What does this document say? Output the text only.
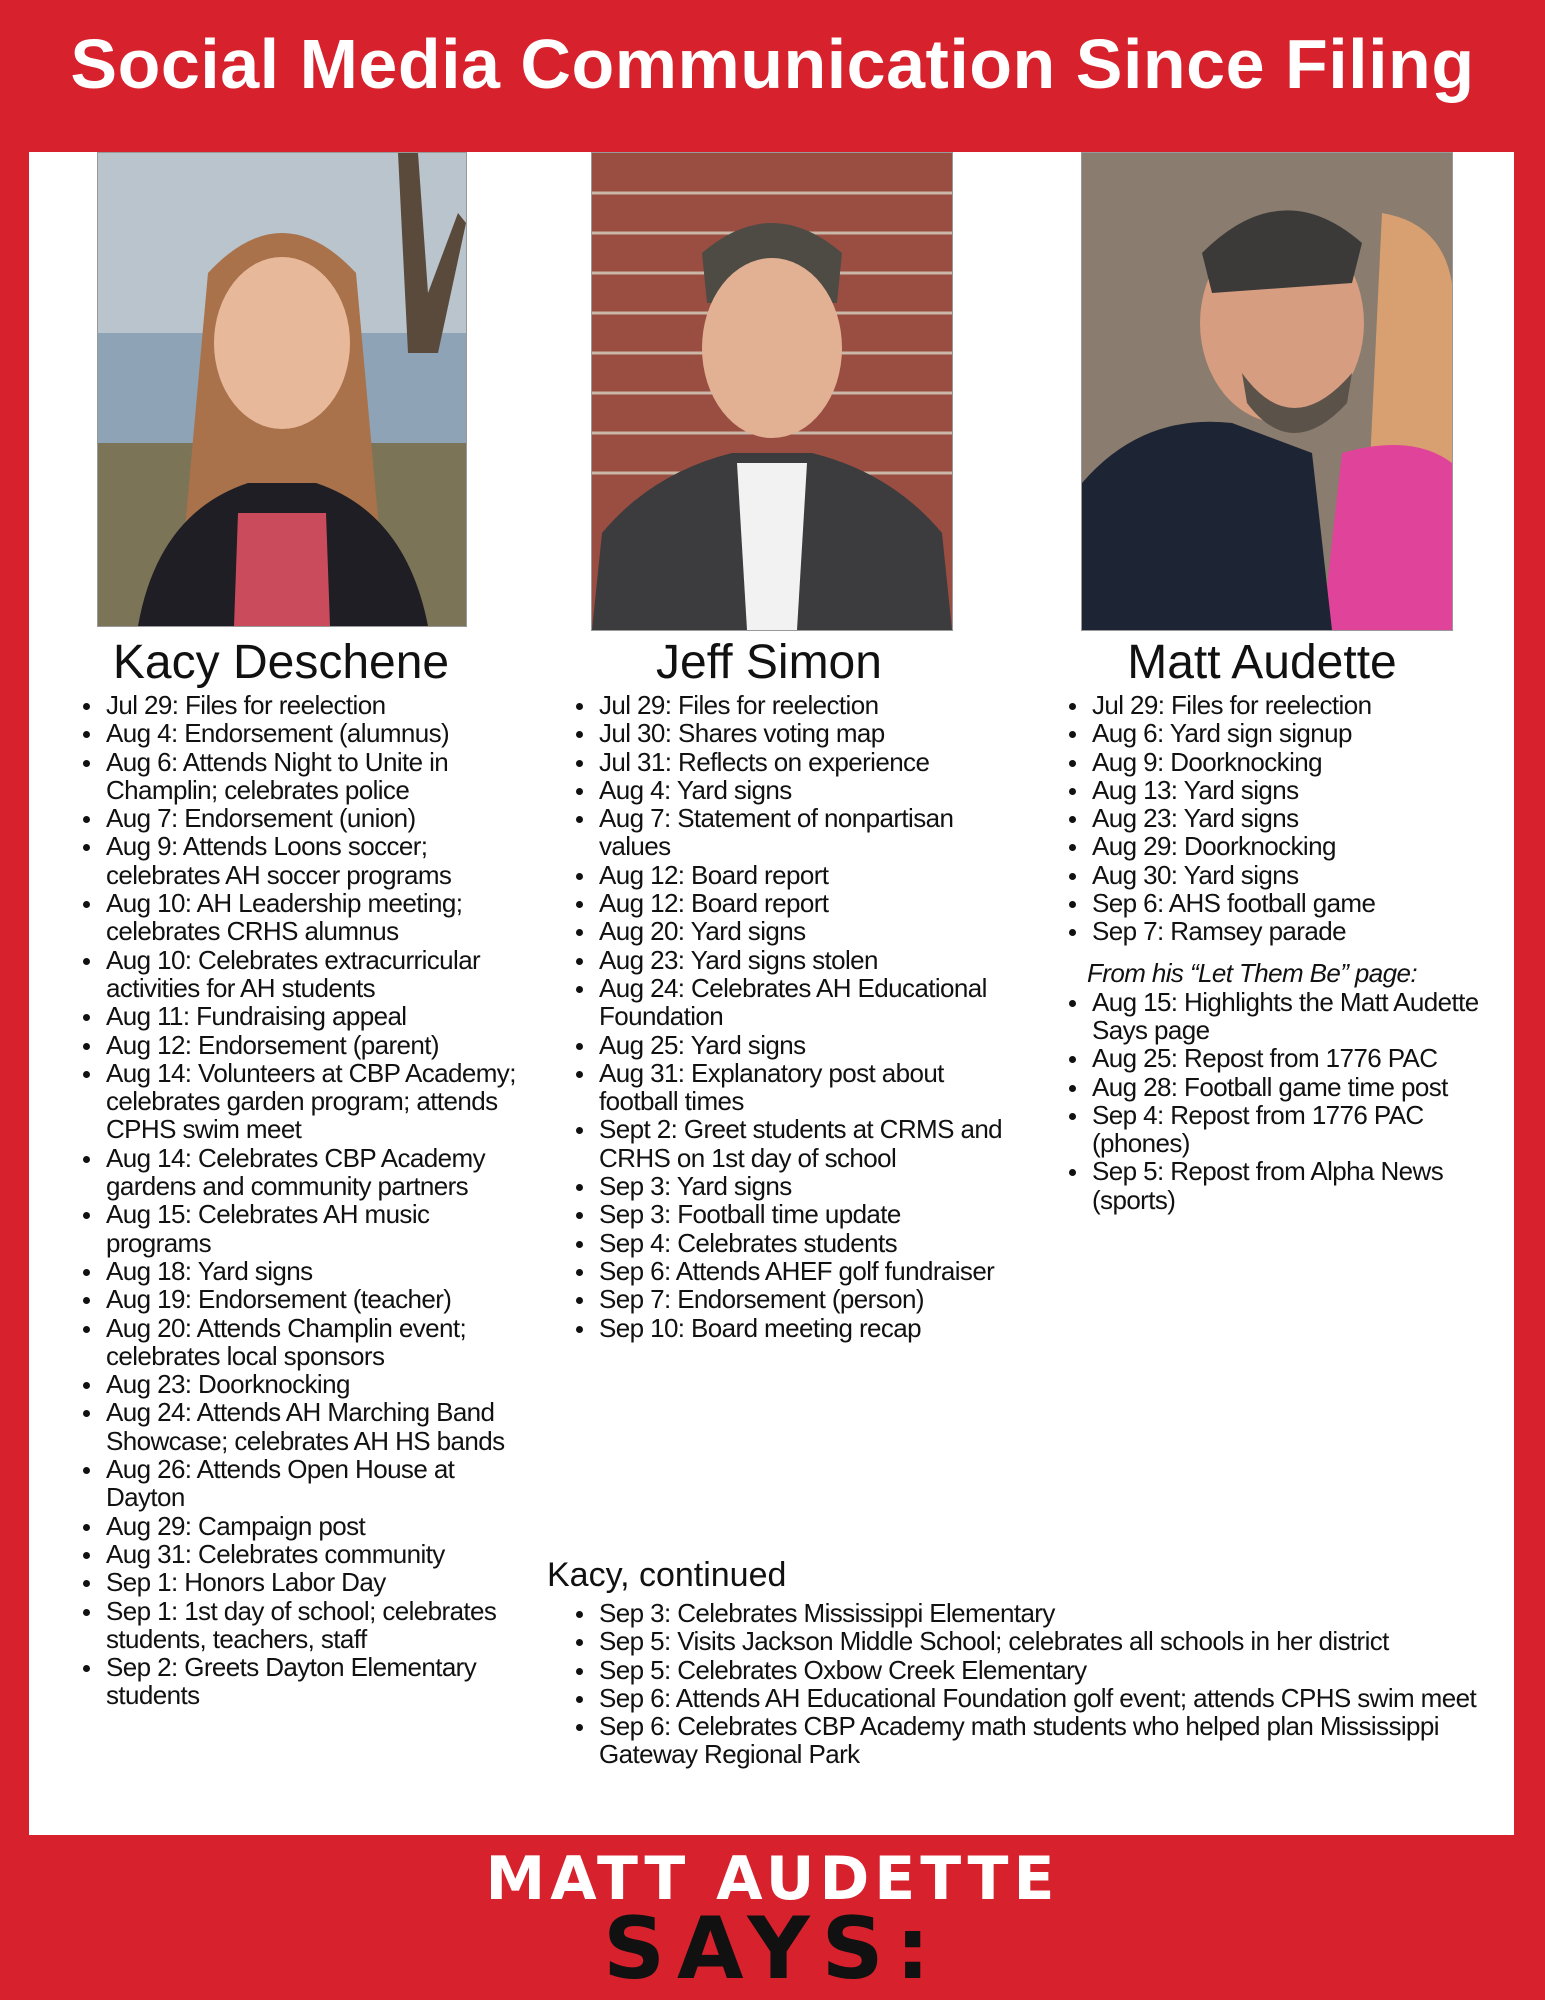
Social Media Communication Since Filing
Kacy Deschene
Jul 29: Files for reelection
Aug 4: Endorsement (alumnus)
Aug 6: Attends Night to Unite in Champlin; celebrates police
Aug 7: Endorsement (union)
Aug 9: Attends Loons soccer; celebrates AH soccer programs
Aug 10: AH Leadership meeting; celebrates CRHS alumnus
Aug 10: Celebrates extracurricular activities for AH students
Aug 11: Fundraising appeal
Aug 12: Endorsement (parent)
Aug 14: Volunteers at CBP Academy; celebrates garden program; attends CPHS swim meet
Aug 14: Celebrates CBP Academy gardens and community partners
Aug 15: Celebrates AH music programs
Aug 18: Yard signs
Aug 19: Endorsement (teacher)
Aug 20: Attends Champlin event; celebrates local sponsors
Aug 23: Doorknocking
Aug 24: Attends AH Marching Band Showcase; celebrates AH HS bands
Aug 26: Attends Open House at Dayton
Aug 29: Campaign post
Aug 31: Celebrates community
Sep 1: Honors Labor Day
Sep 1: 1st day of school; celebrates students, teachers, staff
Sep 2: Greets Dayton Elementary students
Jeff Simon
Jul 29: Files for reelection
Jul 30: Shares voting map
Jul 31: Reflects on experience
Aug 4: Yard signs
Aug 7: Statement of nonpartisan values
Aug 12: Board report
Aug 12: Board report
Aug 20: Yard signs
Aug 23: Yard signs stolen
Aug 24: Celebrates AH Educational Foundation
Aug 25: Yard signs
Aug 31: Explanatory post about football times
Sept 2: Greet students at CRMS and CRHS on 1st day of school
Sep 3: Yard signs
Sep 3: Football time update
Sep 4: Celebrates students
Sep 6: Attends AHEF golf fundraiser
Sep 7: Endorsement (person)
Sep 10: Board meeting recap
Matt Audette
Jul 29: Files for reelection
Aug 6: Yard sign signup
Aug 9: Doorknocking
Aug 13: Yard signs
Aug 23: Yard signs
Aug 29: Doorknocking
Aug 30: Yard signs
Sep 6: AHS football game
Sep 7: Ramsey parade
From his “Let Them Be” page:
Aug 15: Highlights the Matt Audette Says page
Aug 25: Repost from 1776 PAC
Aug 28: Football game time post
Sep 4: Repost from 1776 PAC (phones)
Sep 5: Repost from Alpha News (sports)
Kacy, continued
Sep 3: Celebrates Mississippi Elementary
Sep 5: Visits Jackson Middle School; celebrates all schools in her district
Sep 5: Celebrates Oxbow Creek Elementary
Sep 6: Attends AH Educational Foundation golf event; attends CPHS swim meet
Sep 6: Celebrates CBP Academy math students who helped plan Mississippi Gateway Regional Park
MATT AUDETTE
SAYS:
